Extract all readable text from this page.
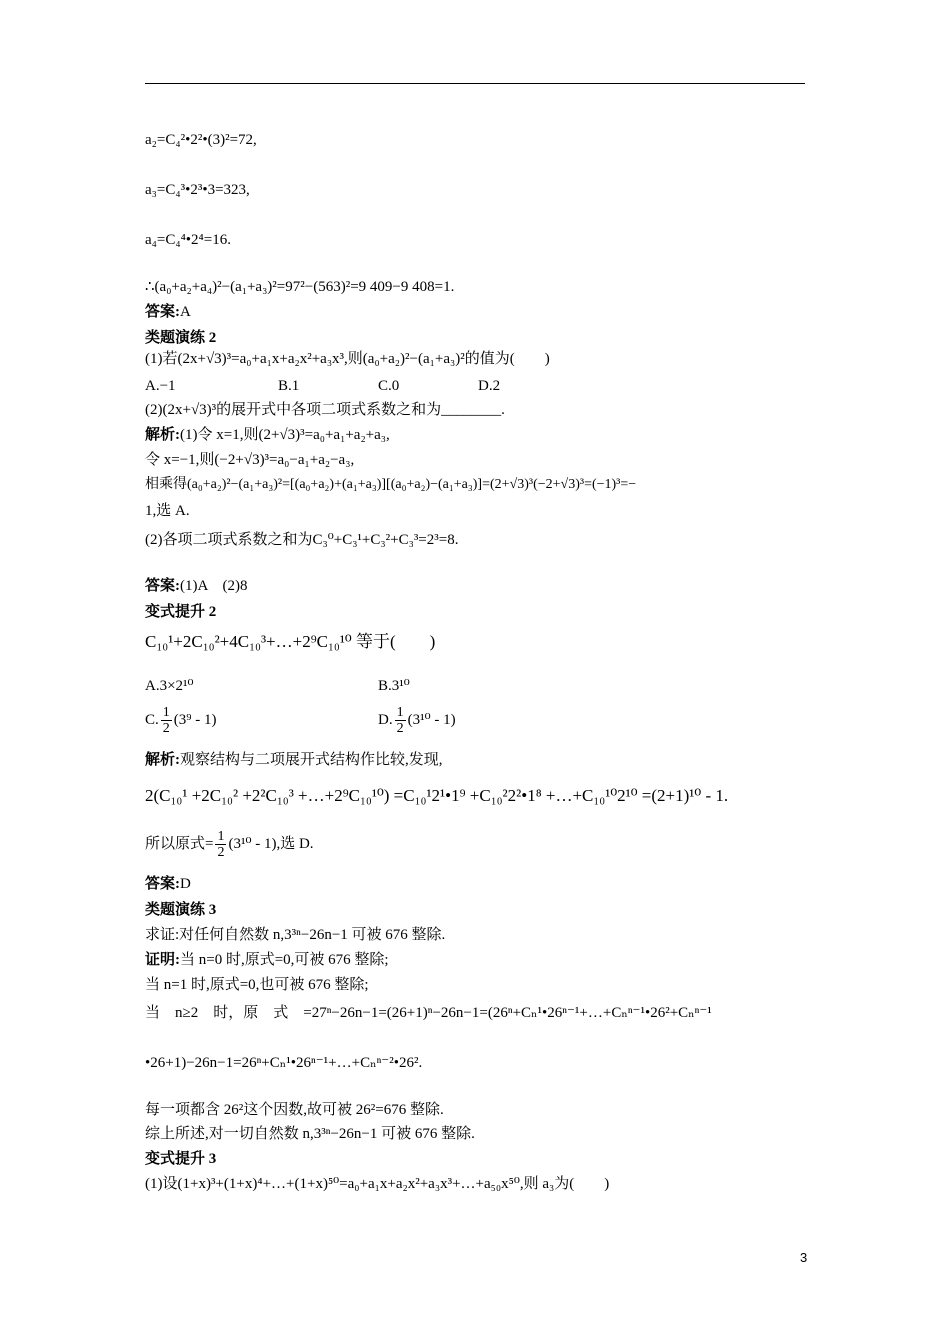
a₂=C₄²•2²•(3)²=72,
a₃=C₄³•2³•3=323,
a₄=C₄⁴•2⁴=16.
∴(a₀+a₂+a₄)²−(a₁+a₃)²=97²−(563)²=9 409−9 408=1.
答案:A
类题演练 2
(1)若(2x+√3)³=a₀+a₁x+a₂x²+a₃x³,则(a₀+a₂)²−(a₁+a₃)²的值为(　　)
A.−1	B.1	C.0	D.2
(2)(2x+√3)³的展开式中各项二项式系数之和为________.
解析:(1)令 x=1,则(2+√3)³=a₀+a₁+a₂+a₃,
令 x=−1,则(−2+√3)³=a₀−a₁+a₂−a₃,
相乘得(a₀+a₂)²−(a₁+a₃)²=[(a₀+a₂)+(a₁+a₃)][(a₀+a₂)−(a₁+a₃)]=(2+√3)³(−2+√3)³=(−1)³=−
1,选 A.
(2)各项二项式系数之和为C₃⁰+C₃¹+C₃²+C₃³=2³=8.
答案:(1)A　(2)8
变式提升 2
C₁₀¹+2C₁₀²+4C₁₀³+…+2⁹C₁₀¹⁰ 等于(　　)
A.3×2¹⁰	B.3¹⁰
C. $\frac{1}{2} (3^9 - 1)$	D. $\frac{1}{2} (3^{10} - 1)$
解析:观察结构与二项展开式结构作比较,发现,
2(C₁₀¹ +2C₁₀² +2²C₁₀³ +…+2⁹C₁₀¹⁰) =C₁₀¹2¹•1⁹ +C₁₀²2²•1⁸ +…+C₁₀¹⁰2¹⁰ =(2+1)¹⁰ - 1.
所以原式= $\frac{1}{2} (3^{10} - 1)$,选 D.
答案:D
类题演练 3
求证:对任何自然数 n,3³ⁿ−26n−1 可被 676 整除.
证明:当 n=0 时,原式=0,可被 676 整除;
当 n=1 时,原式=0,也可被 676 整除;
当　n≥2　时，原　式　=27ⁿ−26n−1=(26+1)ⁿ−26n−1=(26ⁿ+Cₙ¹•26ⁿ⁻¹+…+Cₙⁿ⁻¹•26²+Cₙⁿ⁻¹
•26+1)−26n−1=26ⁿ+Cₙ¹•26ⁿ⁻¹+…+Cₙⁿ⁻²•26².
每一项都含 26²这个因数,故可被 26²=676 整除.
综上所述,对一切自然数 n,3³ⁿ−26n−1 可被 676 整除.
变式提升 3
(1)设(1+x)³+(1+x)⁴+…+(1+x)⁵⁰=a₀+a₁x+a₂x²+a₃x³+…+a₅₀x⁵⁰,则 a₃为(　　)
3
